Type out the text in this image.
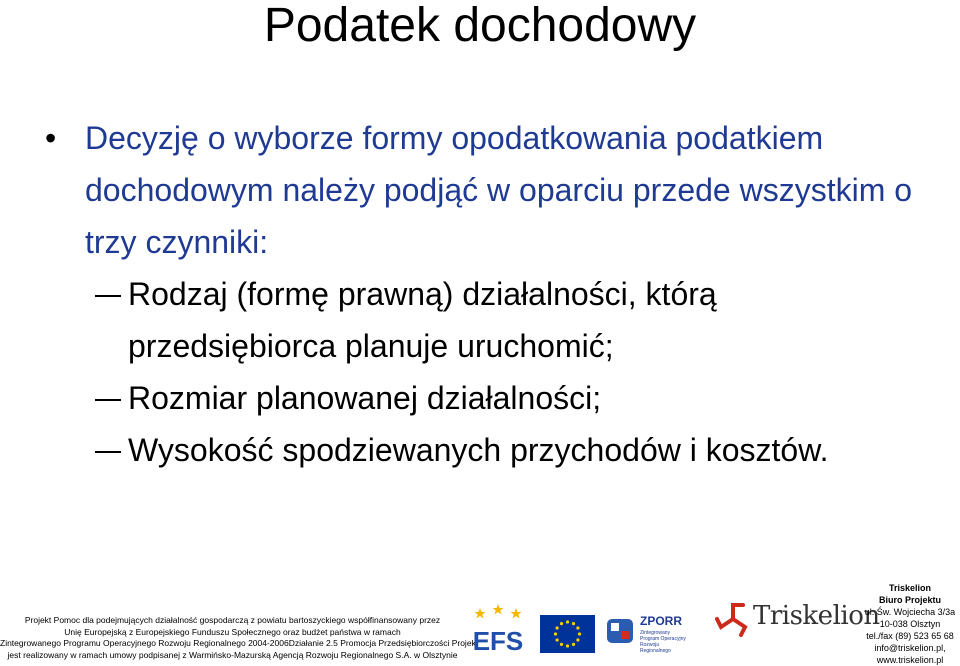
Podatek dochodowy
• Decyzję o wyborze formy opodatkowania podatkiem dochodowym należy podjąć w oparciu przede wszystkim o trzy czynniki:
Rodzaj (formę prawną) działalności, którą przedsiębiorca planuje uruchomić;
Rozmiar planowanej działalności;
Wysokość spodziewanych przychodów i kosztów.
Projekt Pomoc dla podejmujących działalność gospodarczą z powiatu bartoszyckiego współfinansowany przez
Unię Europejską z Europejskiego Funduszu Społecznego oraz budżet państwa w ramach
Zintegrowanego Programu Operacyjnego Rozwoju Regionalnego 2004-2006Działanie 2.5 Promocja Przedsiębiorczości Projekt
jest realizowany w ramach umowy podpisanej z Warmińsko-Mazurską Agencją Rozwoju Regionalnego S.A. w Olsztynie EFS
ZPORR
Zintegrowany Program Operacyjny Rozwoju Regionalnego
Triskelion
Triskelion
Biuro Projektu
ul. Św. Wojciecha 3/3a
10-038 Olsztyn
tel./fax (89) 523 65 68
info@triskelion.pl,
www.triskelion.pl
